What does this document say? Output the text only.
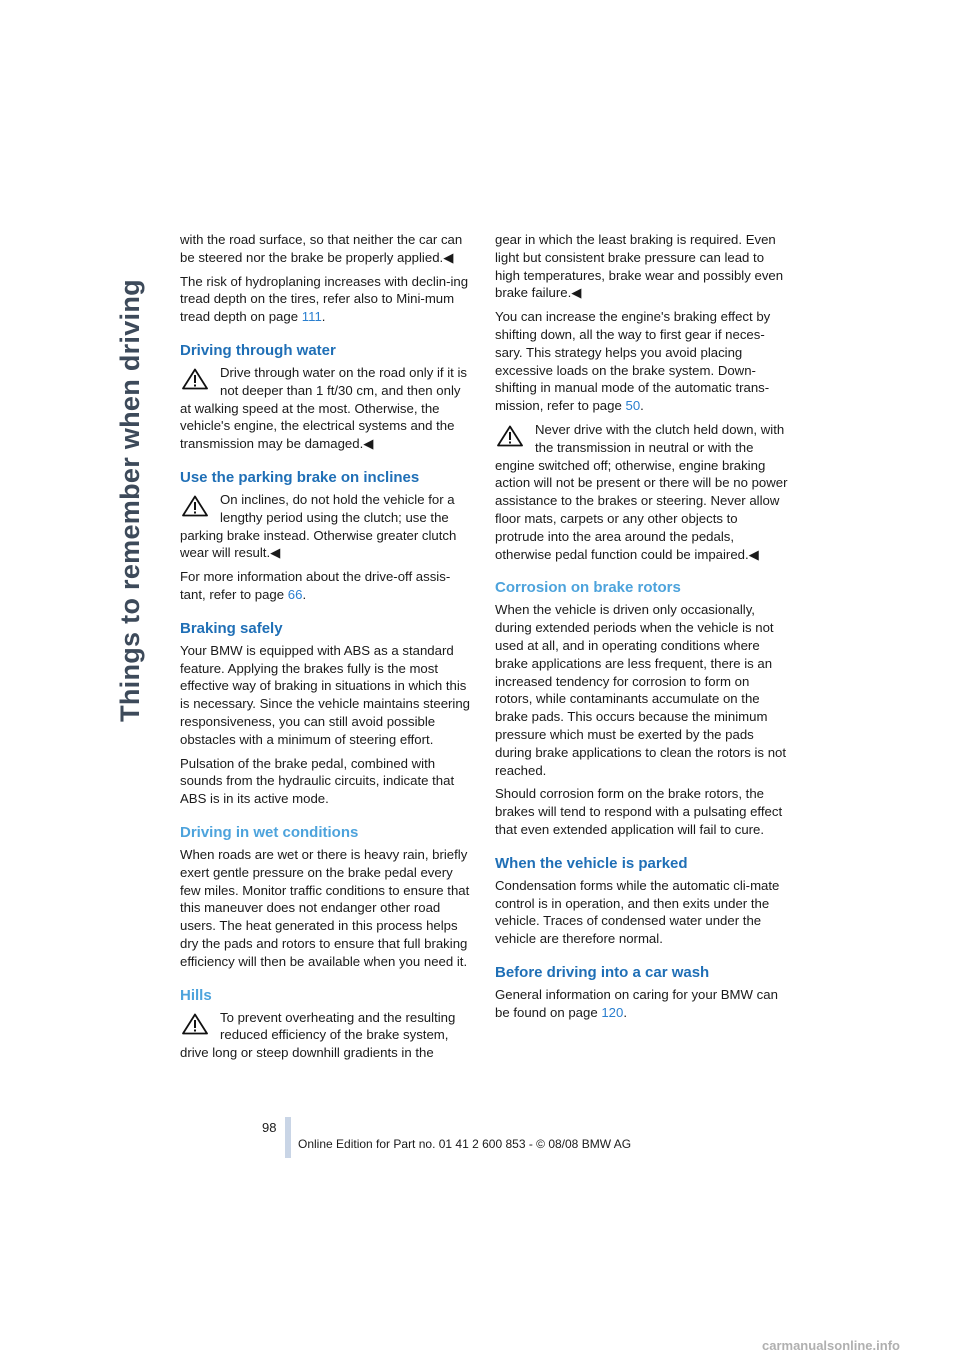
Things to remember when driving

with the road surface, so that neither the car can be steered nor the brake be properly applied.◀

The risk of hydroplaning increases with declin-ing tread depth on the tires, refer also to Mini-mum tread depth on page 111.

Driving through water
Drive through water on the road only if it is not deeper than 1 ft/30 cm, and then only at walking speed at the most. Otherwise, the vehicle's engine, the electrical systems and the transmission may be damaged.◀
Use the parking brake on inclines
On inclines, do not hold the vehicle for a lengthy period using the clutch; use the parking brake instead. Otherwise greater clutch wear will result.◀

For more information about the drive-off assis-tant, refer to page 66.

Braking safely

Your BMW is equipped with ABS as a standard feature. Applying the brakes fully is the most effective way of braking in situations in which this is necessary. Since the vehicle maintains steering responsiveness, you can still avoid possible obstacles with a minimum of steering effort.

Pulsation of the brake pedal, combined with sounds from the hydraulic circuits, indicate that ABS is in its active mode.

Driving in wet conditions

When roads are wet or there is heavy rain, briefly exert gentle pressure on the brake pedal every few miles. Monitor traffic conditions to ensure that this maneuver does not endanger other road users. The heat generated in this process helps dry the pads and rotors to ensure that full braking efficiency will then be available when you need it.

Hills
To prevent overheating and the resulting reduced efficiency of the brake system, drive long or steep downhill gradients in the

gear in which the least braking is required. Even light but consistent brake pressure can lead to high temperatures, brake wear and possibly even brake failure.◀

You can increase the engine's braking effect by shifting down, all the way to first gear if neces-sary. This strategy helps you avoid placing excessive loads on the brake system. Down-shifting in manual mode of the automatic trans-mission, refer to page 50.

Never drive with the clutch held down, with the transmission in neutral or with the engine switched off; otherwise, engine braking action will not be present or there will be no power assistance to the brakes or steering. Never allow floor mats, carpets or any other objects to protrude into the area around the pedals, otherwise pedal function could be impaired.◀
Corrosion on brake rotors

When the vehicle is driven only occasionally, during extended periods when the vehicle is not used at all, and in operating conditions where brake applications are less frequent, there is an increased tendency for corrosion to form on rotors, while contaminants accumulate on the brake pads. This occurs because the minimum pressure which must be exerted by the pads during brake applications to clean the rotors is not reached.

Should corrosion form on the brake rotors, the brakes will tend to respond with a pulsating effect that even extended application will fail to cure.

When the vehicle is parked

Condensation forms while the automatic cli-mate control is in operation, and then exits under the vehicle. Traces of condensed water under the vehicle are therefore normal.

Before driving into a car wash

General information on caring for your BMW can be found on page 120.

98
Online Edition for Part no. 01 41 2 600 853 - © 08/08 BMW AG
carmanualsonline.info
